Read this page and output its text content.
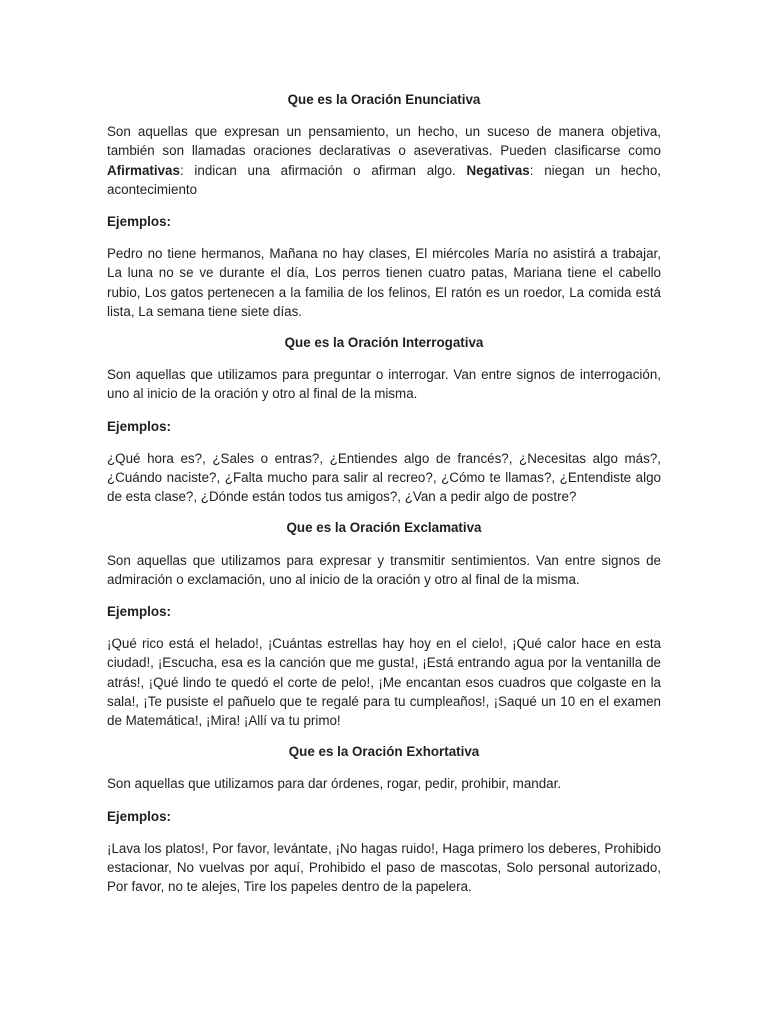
Que es la Oración Enunciativa
Son aquellas que expresan un pensamiento, un hecho, un suceso de manera objetiva, también son llamadas oraciones declarativas o aseverativas. Pueden clasificarse como Afirmativas: indican una afirmación o afirman algo. Negativas: niegan un hecho, acontecimiento
Ejemplos:
Pedro no tiene hermanos, Mañana no hay clases, El miércoles María no asistirá a trabajar, La luna no se ve durante el día, Los perros tienen cuatro patas, Mariana tiene el cabello rubio, Los gatos pertenecen a la familia de los felinos, El ratón es un roedor, La comida está lista, La semana tiene siete días.
Que es la Oración Interrogativa
Son aquellas que utilizamos para preguntar o interrogar. Van entre signos de interrogación, uno al inicio de la oración y otro al final de la misma.
Ejemplos:
¿Qué hora es?, ¿Sales o entras?, ¿Entiendes algo de francés?, ¿Necesitas algo más?, ¿Cuándo naciste?, ¿Falta mucho para salir al recreo?, ¿Cómo te llamas?, ¿Entendiste algo de esta clase?, ¿Dónde están todos tus amigos?, ¿Van a pedir algo de postre?
Que es la Oración Exclamativa
Son aquellas que utilizamos para expresar y transmitir sentimientos. Van entre signos de admiración o exclamación, uno al inicio de la oración y otro al final de la misma.
Ejemplos:
¡Qué rico está el helado!, ¡Cuántas estrellas hay hoy en el cielo!, ¡Qué calor hace en esta ciudad!, ¡Escucha, esa es la canción que me gusta!, ¡Está entrando agua por la ventanilla de atrás!, ¡Qué lindo te quedó el corte de pelo!, ¡Me encantan esos cuadros que colgaste en la sala!, ¡Te pusiste el pañuelo que te regalé para tu cumpleaños!, ¡Saqué un 10 en el examen de Matemática!, ¡Mira! ¡Allí va tu primo!
Que es la Oración Exhortativa
Son aquellas que utilizamos para dar órdenes, rogar, pedir, prohibir, mandar.
Ejemplos:
¡Lava los platos!, Por favor, levántate, ¡No hagas ruido!, Haga primero los deberes, Prohibido estacionar, No vuelvas por aquí, Prohibido el paso de mascotas, Solo personal autorizado, Por favor, no te alejes, Tire los papeles dentro de la papelera.
